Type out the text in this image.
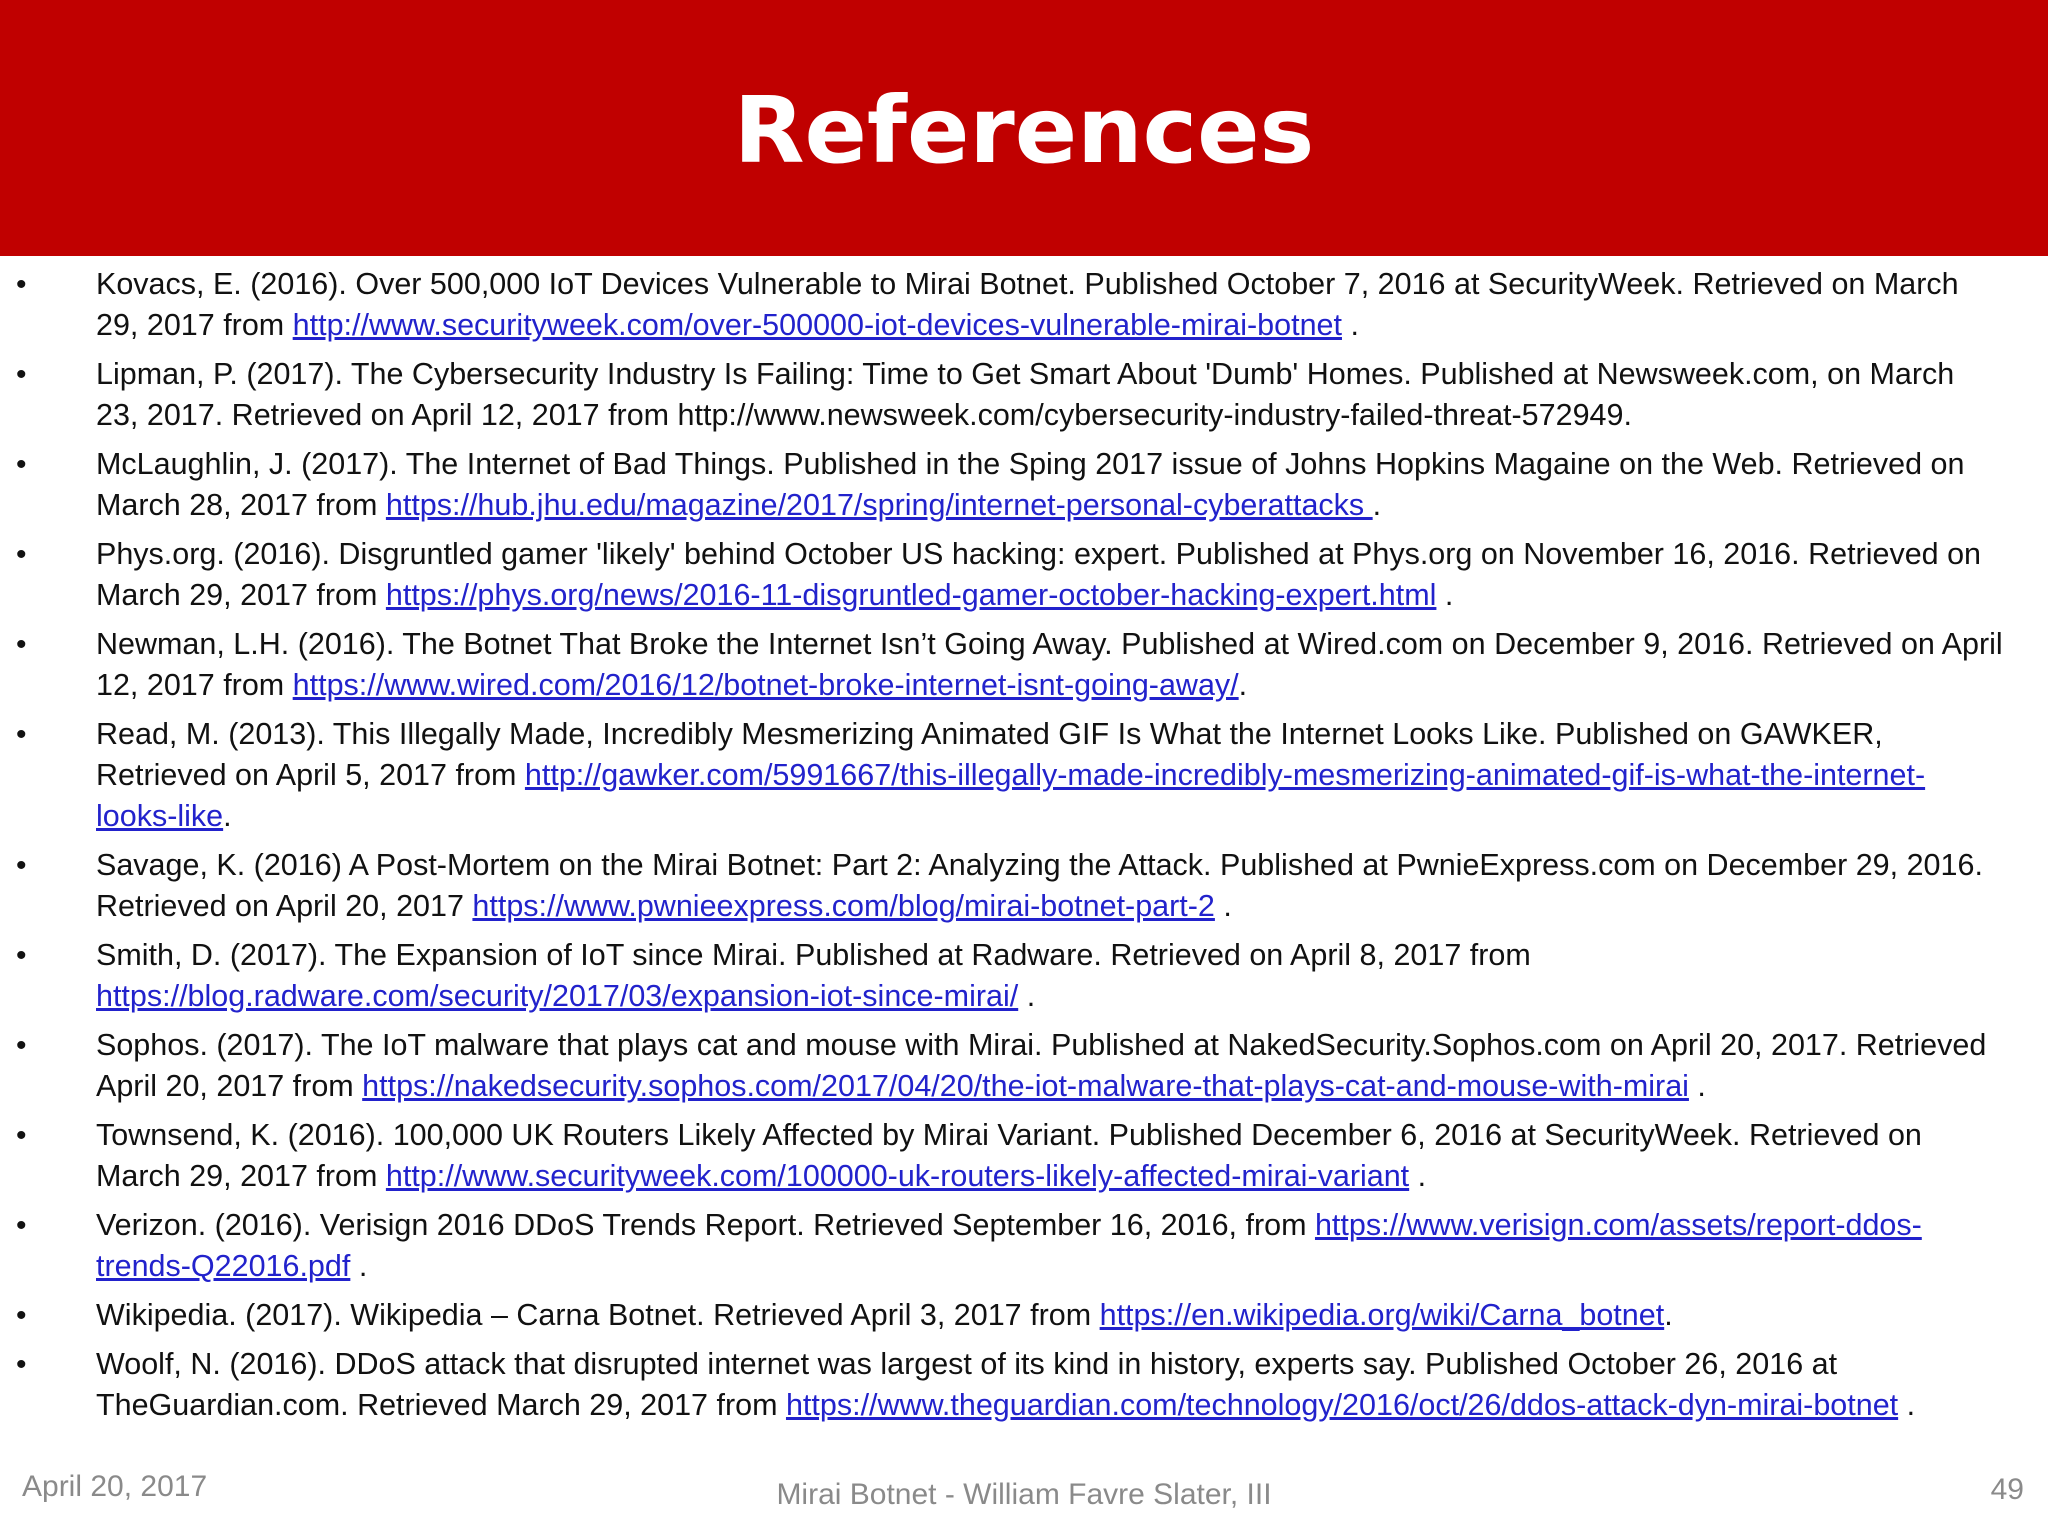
References
• Kovacs, E. (2016). Over 500,000 IoT Devices Vulnerable to Mirai Botnet. Published October 7, 2016 at SecurityWeek. Retrieved on March 29, 2017 from http://www.securityweek.com/over-500000-iot-devices-vulnerable-mirai-botnet .
• Lipman, P. (2017). The Cybersecurity Industry Is Failing: Time to Get Smart About 'Dumb' Homes. Published at Newsweek.com, on March 23, 2017. Retrieved on April 12, 2017 from http://www.newsweek.com/cybersecurity-industry-failed-threat-572949.
• McLaughlin, J. (2017). The Internet of Bad Things. Published in the Sping 2017 issue of Johns Hopkins Magaine on the Web. Retrieved on March 28, 2017 from https://hub.jhu.edu/magazine/2017/spring/internet-personal-cyberattacks .
• Phys.org. (2016). Disgruntled gamer 'likely' behind October US hacking: expert. Published at Phys.org on November 16, 2016. Retrieved on March 29, 2017 from https://phys.org/news/2016-11-disgruntled-gamer-october-hacking-expert.html .
• Newman, L.H. (2016). The Botnet That Broke the Internet Isn’t Going Away. Published at Wired.com on December 9, 2016. Retrieved on April 12, 2017 from https://www.wired.com/2016/12/botnet-broke-internet-isnt-going-away/.
• Read, M. (2013). This Illegally Made, Incredibly Mesmerizing Animated GIF Is What the Internet Looks Like. Published on GAWKER, Retrieved on April 5, 2017 from http://gawker.com/5991667/this-illegally-made-incredibly-mesmerizing-animated-gif-is-what-the-internet-looks-like.
• Savage, K. (2016) A Post-Mortem on the Mirai Botnet: Part 2: Analyzing the Attack. Published at PwnieExpress.com on December 29, 2016. Retrieved on April 20, 2017 https://www.pwnieexpress.com/blog/mirai-botnet-part-2 .
• Smith, D. (2017). The Expansion of IoT since Mirai. Published at Radware. Retrieved on April 8, 2017 from https://blog.radware.com/security/2017/03/expansion-iot-since-mirai/ .
• Sophos. (2017). The IoT malware that plays cat and mouse with Mirai. Published at NakedSecurity.Sophos.com on April 20, 2017. Retrieved April 20, 2017 from https://nakedsecurity.sophos.com/2017/04/20/the-iot-malware-that-plays-cat-and-mouse-with-mirai .
• Townsend, K. (2016). 100,000 UK Routers Likely Affected by Mirai Variant. Published December 6, 2016 at SecurityWeek. Retrieved on March 29, 2017 from http://www.securityweek.com/100000-uk-routers-likely-affected-mirai-variant .
• Verizon. (2016). Verisign 2016 DDoS Trends Report. Retrieved September 16, 2016, from https://www.verisign.com/assets/report-ddos-trends-Q22016.pdf .
• Wikipedia. (2017). Wikipedia – Carna Botnet. Retrieved April 3, 2017 from https://en.wikipedia.org/wiki/Carna_botnet.
• Woolf, N. (2016). DDoS attack that disrupted internet was largest of its kind in history, experts say. Published October 26, 2016 at TheGuardian.com. Retrieved March 29, 2017 from https://www.theguardian.com/technology/2016/oct/26/ddos-attack-dyn-mirai-botnet .
April 20, 2017	Mirai Botnet - William Favre Slater, III	49
